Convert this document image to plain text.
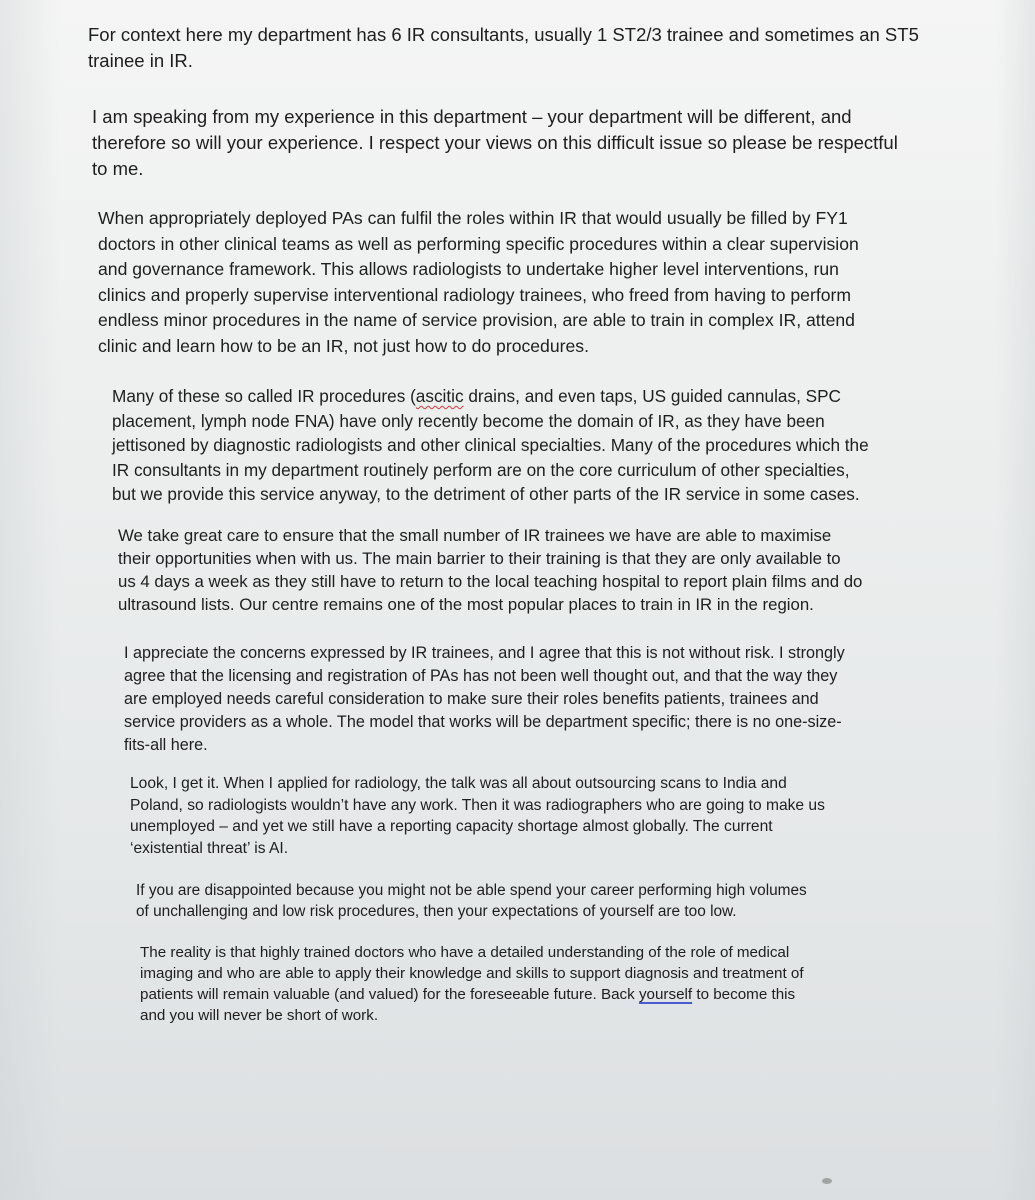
For context here my department has 6 IR consultants, usually 1 ST2/3 trainee and sometimes an ST5
trainee in IR.

I am speaking from my experience in this department – your department will be different, and
therefore so will your experience. I respect your views on this difficult issue so please be respectful
to me.

When appropriately deployed PAs can fulfil the roles within IR that would usually be filled by FY1
doctors in other clinical teams as well as performing specific procedures within a clear supervision
and governance framework. This allows radiologists to undertake higher level interventions, run
clinics and properly supervise interventional radiology trainees, who freed from having to perform
endless minor procedures in the name of service provision, are able to train in complex IR, attend
clinic and learn how to be an IR, not just how to do procedures.

Many of these so called IR procedures (ascitic drains, and even taps, US guided cannulas, SPC
placement, lymph node FNA) have only recently become the domain of IR, as they have been
jettisoned by diagnostic radiologists and other clinical specialties. Many of the procedures which the
IR consultants in my department routinely perform are on the core curriculum of other specialties,
but we provide this service anyway, to the detriment of other parts of the IR service in some cases.

We take great care to ensure that the small number of IR trainees we have are able to maximise
their opportunities when with us. The main barrier to their training is that they are only available to
us 4 days a week as they still have to return to the local teaching hospital to report plain films and do
ultrasound lists. Our centre remains one of the most popular places to train in IR in the region.

I appreciate the concerns expressed by IR trainees, and I agree that this is not without risk. I strongly
agree that the licensing and registration of PAs has not been well thought out, and that the way they
are employed needs careful consideration to make sure their roles benefits patients, trainees and
service providers as a whole. The model that works will be department specific; there is no one-size-
fits-all here.

Look, I get it. When I applied for radiology, the talk was all about outsourcing scans to India and
Poland, so radiologists wouldn’t have any work. Then it was radiographers who are going to make us
unemployed – and yet we still have a reporting capacity shortage almost globally. The current
‘existential threat’ is AI.

If you are disappointed because you might not be able spend your career performing high volumes
of unchallenging and low risk procedures, then your expectations of yourself are too low.

The reality is that highly trained doctors who have a detailed understanding of the role of medical
imaging and who are able to apply their knowledge and skills to support diagnosis and treatment of
patients will remain valuable (and valued) for the foreseeable future. Back yourself to become this
and you will never be short of work.
